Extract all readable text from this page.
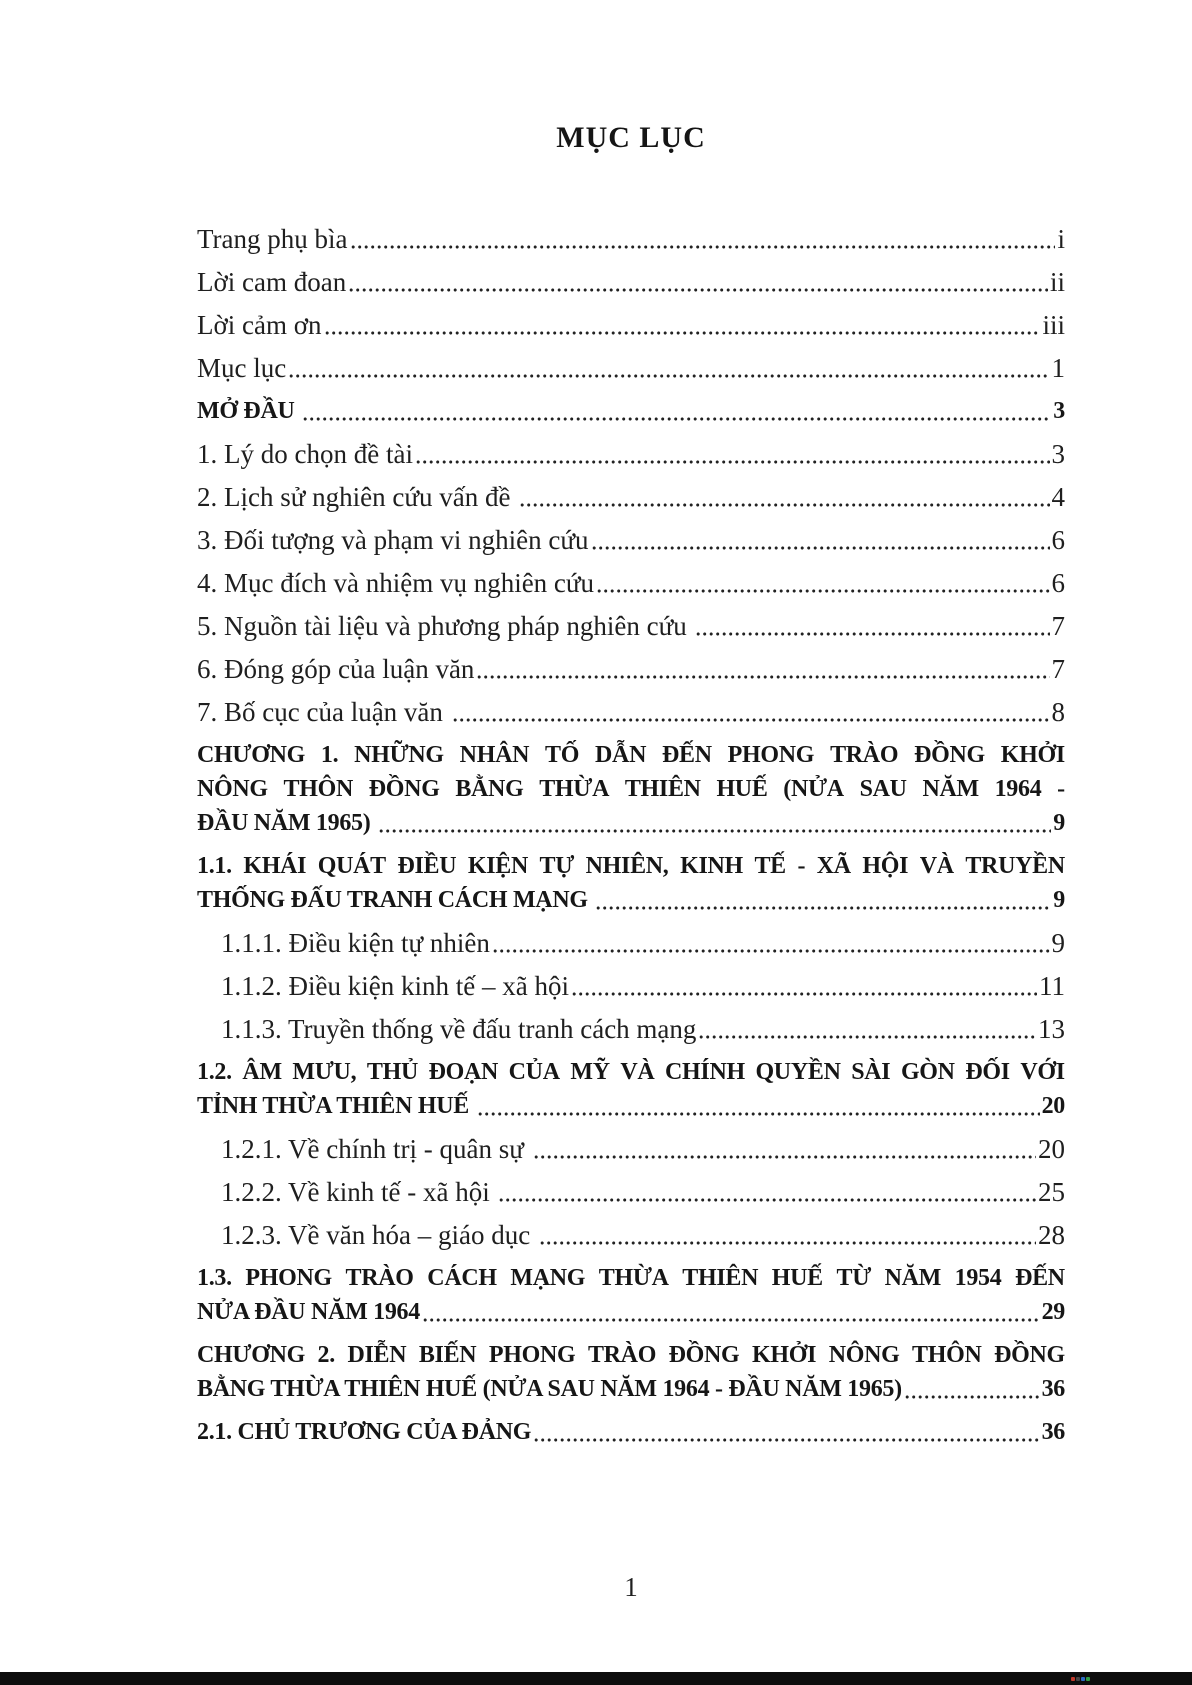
MỤC LỤC
Trang phụ bìa	i
Lời cam đoan	ii
Lời cảm ơn	iii
Mục lục	1
MỞ ĐẦU	3
1. Lý do chọn đề tài	3
2. Lịch sử nghiên cứu vấn đề	4
3. Đối tượng và phạm vi nghiên cứu	6
4. Mục đích và nhiệm vụ nghiên cứu	6
5. Nguồn tài liệu và phương pháp nghiên cứu	7
6. Đóng góp của luận văn	7
7. Bố cục của luận văn	8
CHƯƠNG 1. NHỮNG NHÂN TỐ DẪN ĐẾN PHONG TRÀO ĐỒNG KHỞI
NÔNG THÔN ĐỒNG BẰNG THỪA THIÊN HUẾ (NỬA SAU NĂM 1964 -
ĐẦU NĂM 1965)	9
1.1. KHÁI QUÁT ĐIỀU KIỆN TỰ NHIÊN, KINH TẾ - XÃ HỘI VÀ TRUYỀN
THỐNG ĐẤU TRANH CÁCH MẠNG	9
1.1.1. Điều kiện tự nhiên	9
1.1.2. Điều kiện kinh tế – xã hội	11
1.1.3. Truyền thống về đấu tranh cách mạng	13
1.2. ÂM MƯU, THỦ ĐOẠN CỦA MỸ VÀ CHÍNH QUYỀN SÀI GÒN ĐỐI VỚI
TỈNH THỪA THIÊN HUẾ	20
1.2.1. Về chính trị - quân sự	20
1.2.2. Về kinh tế - xã hội	25
1.2.3. Về văn hóa – giáo dục	28
1.3. PHONG TRÀO CÁCH MẠNG THỪA THIÊN HUẾ TỪ NĂM 1954 ĐẾN
NỬA ĐẦU NĂM 1964	29
CHƯƠNG 2. DIỄN BIẾN PHONG TRÀO ĐỒNG KHỞI NÔNG THÔN ĐỒNG
BẰNG THỪA THIÊN HUẾ (NỬA SAU NĂM 1964 - ĐẦU NĂM 1965)	36
2.1. CHỦ TRƯƠNG CỦA ĐẢNG	36
1
